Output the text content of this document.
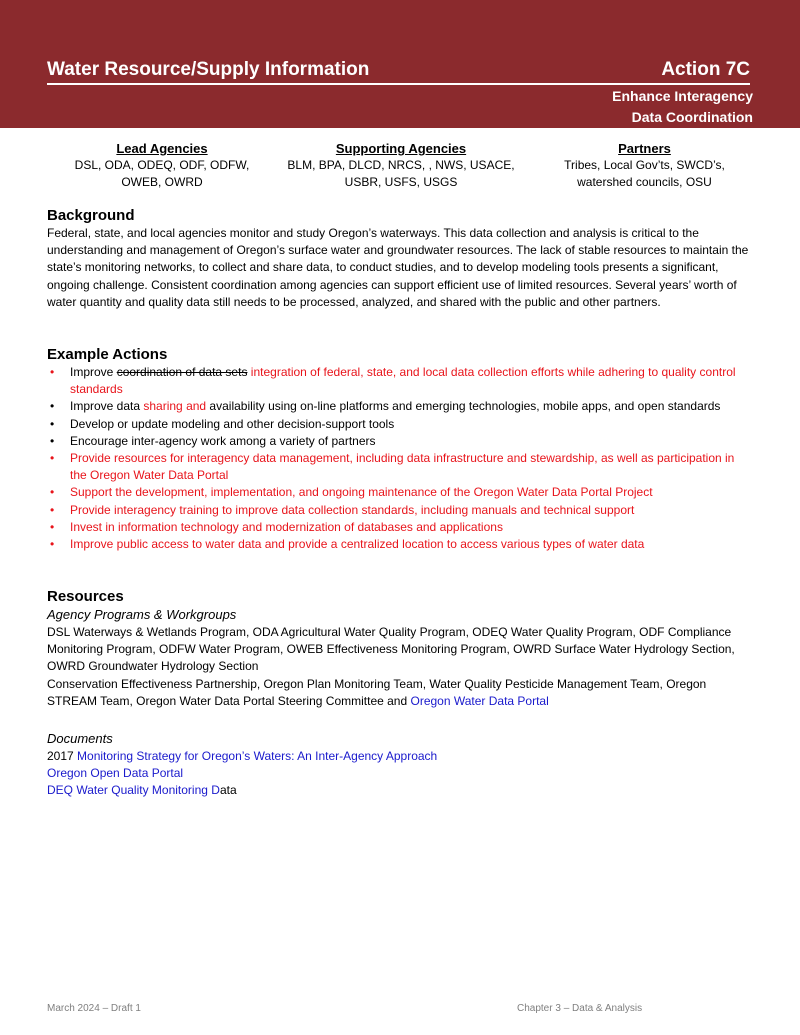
Water Resource/Supply Information	Action 7C
Enhance Interagency
Data Coordination
Lead Agencies
DSL, ODA, ODEQ, ODF, ODFW,
OWEB, OWRD
Supporting Agencies
BLM, BPA, DLCD, NRCS, , NWS, USACE,
USBR, USFS, USGS
Partners
Tribes, Local Gov’ts, SWCD’s,
watershed councils, OSU
Background

Federal, state, and local agencies monitor and study Oregon’s waterways. This data collection and analysis is critical to the understanding and management of Oregon’s surface water and groundwater resources. The lack of stable resources to maintain the state’s monitoring networks, to collect and share data, to conduct studies, and to develop modeling tools presents a significant, ongoing challenge. Consistent coordination among agencies can support efficient use of limited resources. Several years’ worth of water quantity and quality data still needs to be processed, analyzed, and shared with the public and other partners.

Example Actions
• Improve coordination of data sets integration of federal, state, and local data collection efforts while adhering to quality control standards
• Improve data sharing and availability using on-line platforms and emerging technologies, mobile apps, and open standards
• Develop or update modeling and other decision-support tools
• Encourage inter-agency work among a variety of partners
• Provide resources for interagency data management, including data infrastructure and stewardship, as well as participation in the Oregon Water Data Portal
• Support the development, implementation, and ongoing maintenance of the Oregon Water Data Portal Project
• Provide interagency training to improve data collection standards, including manuals and technical support
• Invest in information technology and modernization of databases and applications
• Improve public access to water data and provide a centralized location to access various types of water data
Resources
Agency Programs & Workgroups
DSL Waterways & Wetlands Program, ODA Agricultural Water Quality Program, ODEQ Water Quality Program, ODF Compliance Monitoring Program, ODFW Water Program, OWEB Effectiveness Monitoring Program, OWRD Surface Water Hydrology Section, OWRD Groundwater Hydrology Section
Conservation Effectiveness Partnership, Oregon Plan Monitoring Team, Water Quality Pesticide Management Team, Oregon STREAM Team, Oregon Water Data Portal Steering Committee and Oregon Water Data Portal
Documents
2017 Monitoring Strategy for Oregon’s Waters: An Inter-Agency Approach
Oregon Open Data Portal
DEQ Water Quality Monitoring Data
March 2024 – Draft 1	Chapter 3 – Data & Analysis
